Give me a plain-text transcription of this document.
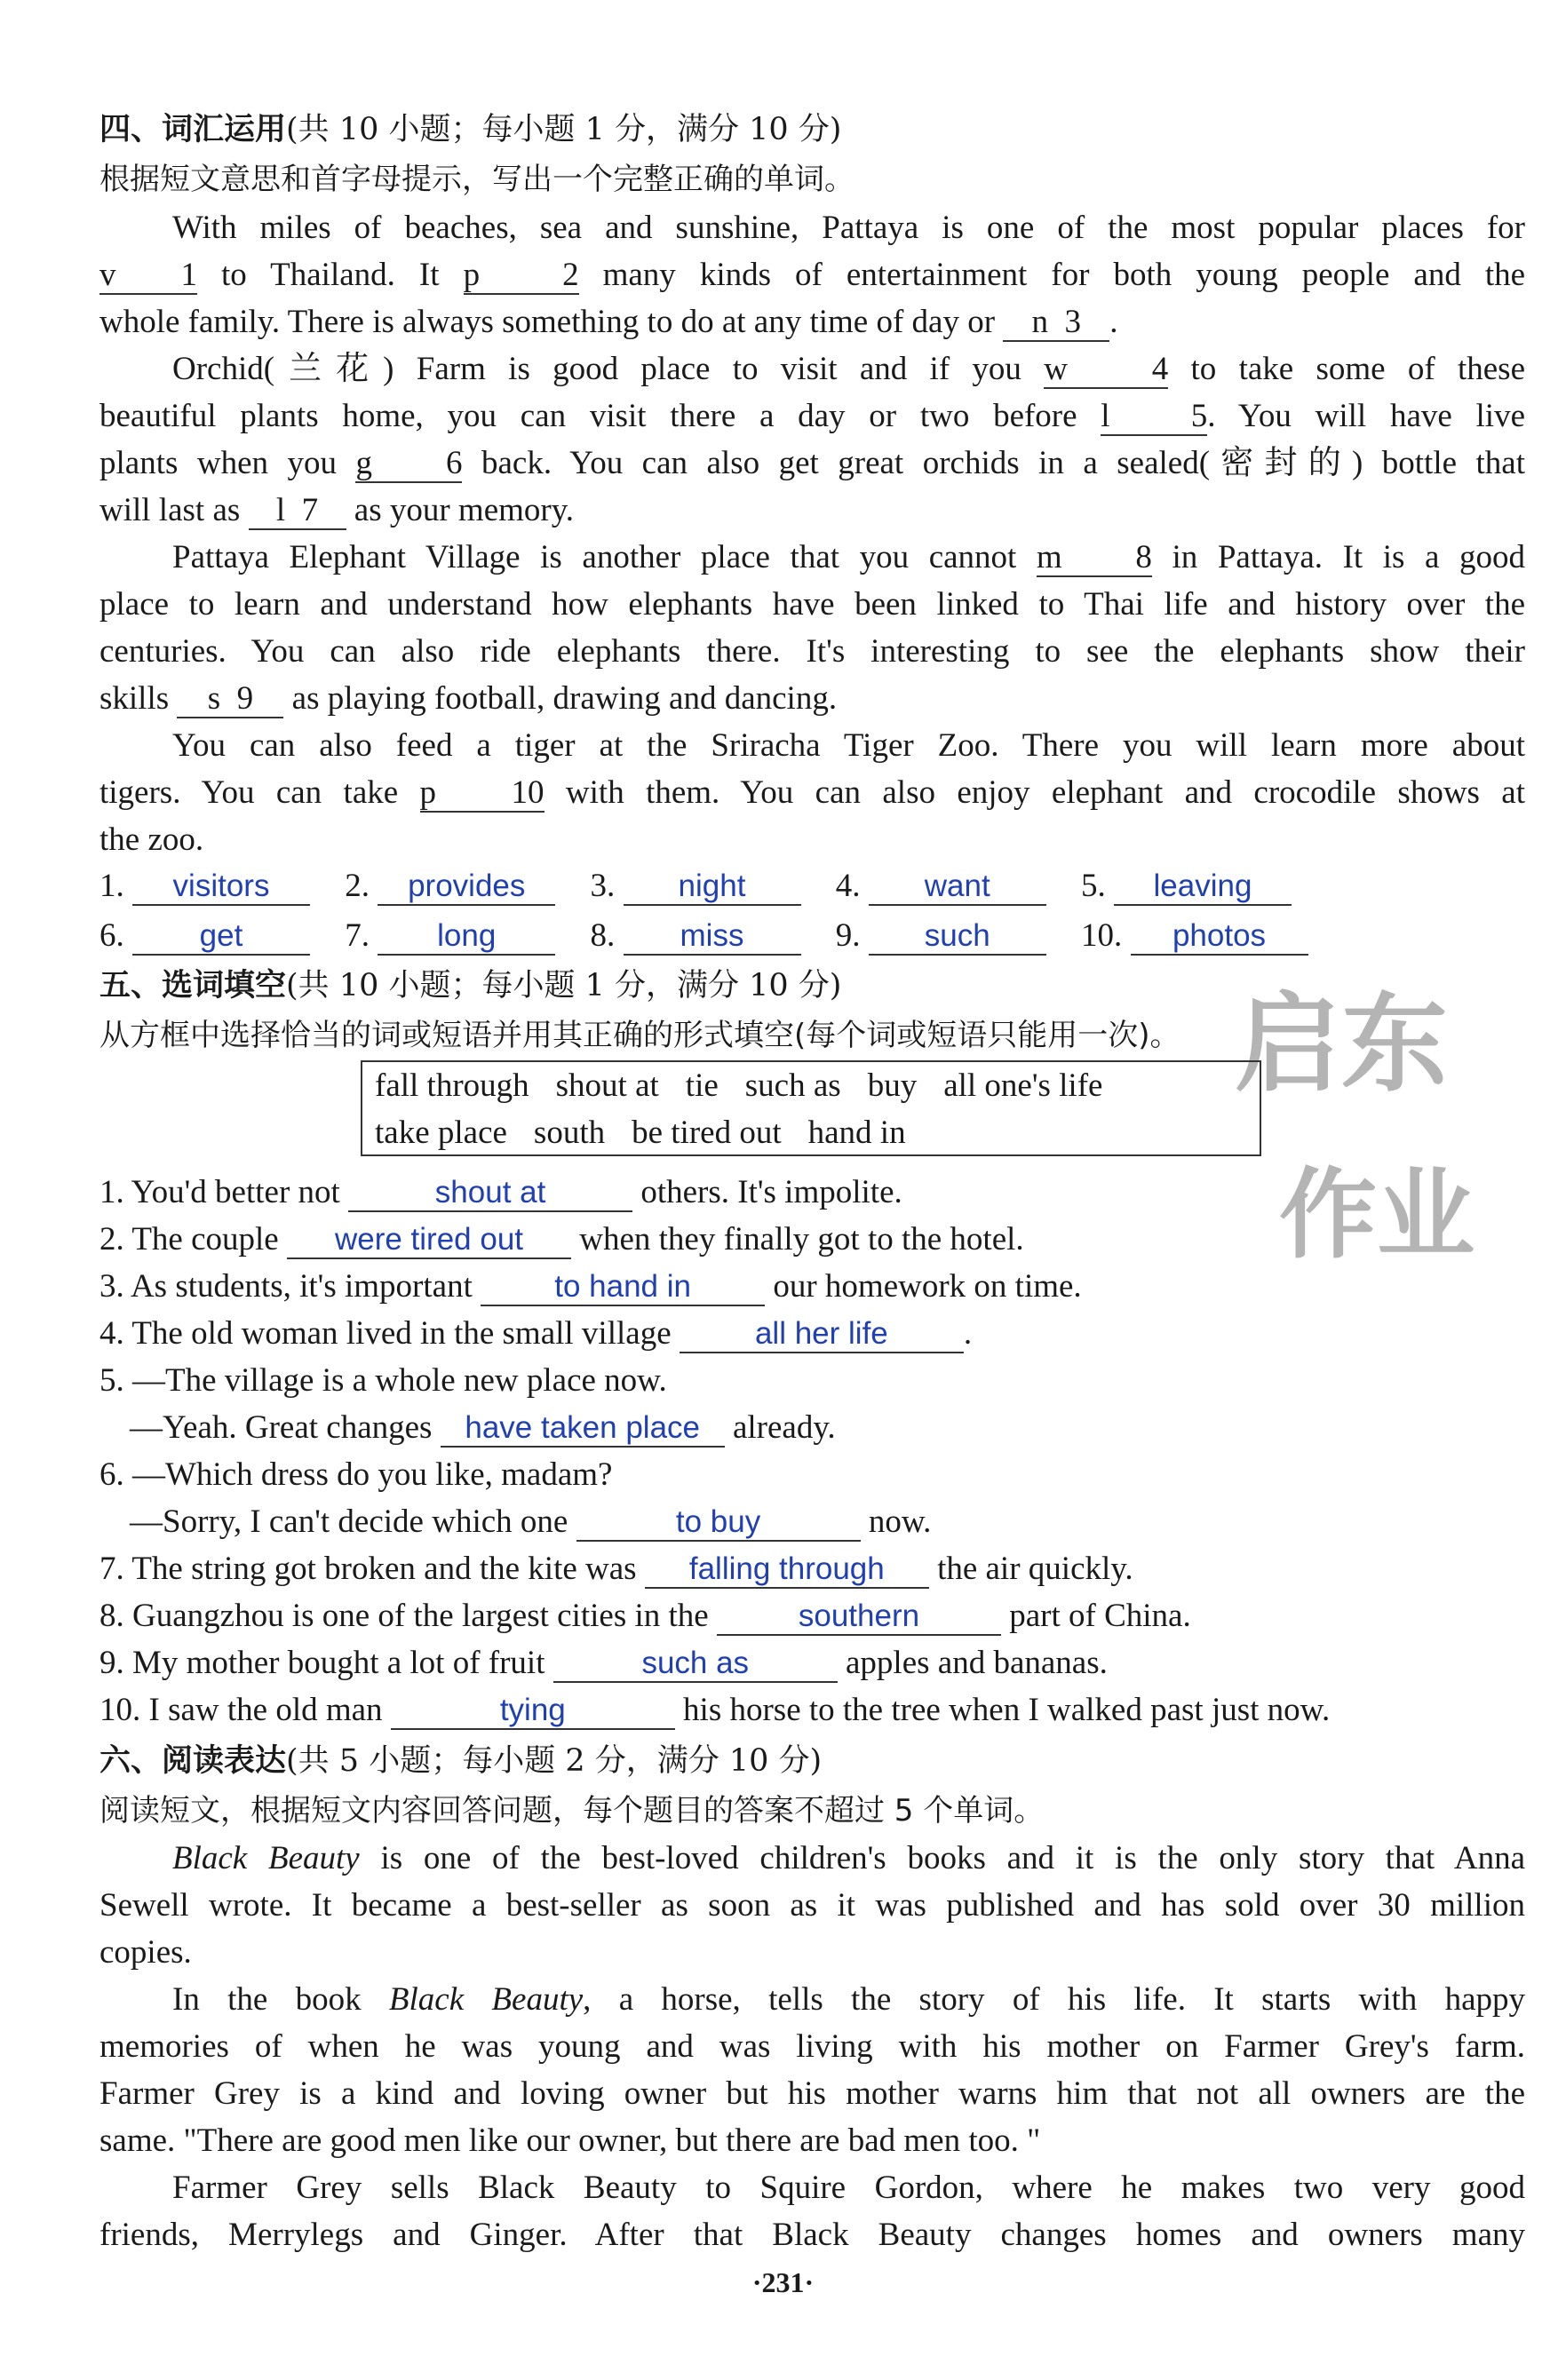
启东
作业
四、词汇运用(共 10 小题；每小题 1 分，满分 10 分)
根据短文意思和首字母提示，写出一个完整正确的单词。
With miles of beaches, sea and sunshine, Pattaya is one of the most popular places for
v 1 to Thailand. It p	2 many kinds of entertainment for both young people and the
whole family. There is always something to do at any time of day or n 3 .
Orchid(兰花) Farm is good place to visit and if you w	4 to take some of these
beautiful plants home, you can visit there a day or two before l 5. You will have live
plants when you g 6 back. You can also get great orchids in a sealed(密封的) bottle that
will last as l 7 as your memory.
Pattaya Elephant Village is another place that you cannot m 8 in Pattaya. It is a good
place to learn and understand how elephants have been linked to Thai life and history over the
centuries. You can also ride elephants there. It's interesting to see the elephants show their
skills s 9 as playing football, drawing and dancing.
You can also feed a tiger at the Sriracha Tiger Zoo. There you will learn more about
tigers. You can take p 10 with them. You can also enjoy elephant and crocodile shows at
the zoo.
1. visitors 2. provides 3. night	4. want	5. leaving
6. get	7. long	8. miss	9. such	10. photos
五、选词填空(共 10 小题；每小题 1 分，满分 10 分)
从方框中选择恰当的词或短语并用其正确的形式填空(每个词或短语只能用一次)。
fall through shout at tie such as buy all one's life
take place south be tired out hand in
1. You'd better not	shout at	others. It's impolite.
2. The couple were tired out when they finally got to the hotel.
3. As students, it's important	to hand in our homework on time.
4. The old woman lived in the small village	all her life .
5. —The village is a whole new place now.
—Yeah. Great changes have taken place already.
6. —Which dress do you like, madam?
—Sorry, I can't decide which one	to buy	now.
7. The string got broken and the kite was falling through the air quickly.
8. Guangzhou is one of the largest cities in the	southern	part of China.
9. My mother bought a lot of fruit	such as	apples and bananas.
10. I saw the old man	tying	his horse to the tree when I walked past just now.
六、阅读表达(共 5 小题；每小题 2 分，满分 10 分)
阅读短文，根据短文内容回答问题，每个题目的答案不超过 5 个单词。
Black Beauty is one of the best-loved children's books and it is the only story that Anna
Sewell wrote. It became a best-seller as soon as it was published and has sold over 30 million
copies.
In the book Black Beauty, a horse, tells the story of his life. It starts with happy
memories of when he was young and was living with his mother on Farmer Grey's farm.
Farmer Grey is a kind and loving owner but his mother warns him that not all owners are the
same. "There are good men like our owner, but there are bad men too. "
Farmer Grey sells Black Beauty to Squire Gordon, where he makes two very good
friends, Merrylegs and Ginger. After that Black Beauty changes homes and owners many
·231·
